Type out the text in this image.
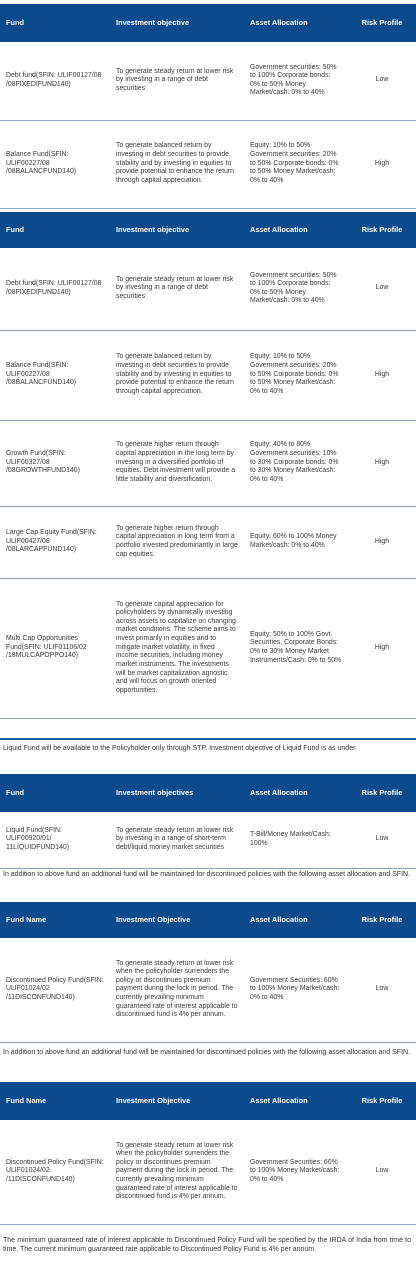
Fund	Investment objective	Asset Allocation	Risk Profile
Debt fund(SFIN: ULIF00127/08 /08FIXEDIFUND140)	To generate steady return at lower risk by investing in a range of debt securities.	Government securities: 50% to 100% Corporate bonds: 0% to 50% Money Market/cash: 0% to 40%	Low
Balance Fund(SFIN: ULIF00227/08 /08BALANCFUND140)	To generate balanced return by investing in debt securities to provide stability and by investing in equities to provide potential to enhance the return through capital appreciation.	Equity: 10% to 50% Government securities: 20% to 50% Corporate bonds: 0% to 50% Money Market/cash: 0% to 40%	High
Fund	Investment objective	Asset Allocation	Risk Profile
Debt fund(SFIN: ULIF00127/08 /08FIXEDIFUND140)	To generate steady return at lower risk by investing in a range of debt securities.	Government securities: 50% to 100% Corporate bonds: 0% to 50% Money Market/cash: 0% to 40%	Low
Balance Fund(SFIN: ULIF00227/08 /08BALANCFUND140)	To generate balanced return by investing in debt securities to provide stability and by investing in equities to provide potential to enhance the return through capital appreciation.	Equity: 10% to 50% Government securities: 20% to 50% Corporate bonds: 0% to 50% Money Market/cash: 0% to 40%	High
Growth Fund(SFIN: ULIF00327/08 /08GROWTHFUND140)	To generate higher return through capital appreciation in the long term by investing in a diversified portfolio of equities. Debt investment will provide a little stability and diversification.	Equity: 40% to 80% Government securities: 10% to 30% Corporate bonds: 0% to 30% Money Market/cash: 0% to 40%	High
Large Cap Equity Fund(SFIN: ULIF00427/08 /08LARCAPFUND140)	To generate higher return through capital appreciation in long term from a portfolio invested predominantly in large cap equities.	Equity: 60% to 100% Money Market/cash: 0% to 40%	High
Multi Cap Opportunities Fund(SFIN: ULIF01106/02 /18MULCAPOPPO140)	To generate capital appreciation for policyholders by dynamically investing across assets to capitalize on changing market conditions. The scheme aims to invest primarily in equities and to mitigate market volatility, in fixed income securities, including money market instruments. The investments will be market capitalization agnostic and will focus on growth oriented opportunities.	Equity: 50% to 100% Govt. Securities, Corporate Bonds: 0% to 30% Money Market Instruments/Cash: 0% to 50%	High
Liquid Fund will be available to the Policyholder only through STP. Investment objective of Liquid Fund is as under.
Fund	Investment objectives	Asset Allocation	Risk Profile
Liquid Fund(SFIN: ULIF00920/01/ 11LIQUIDFUND140)	To generate steady return at lower risk by investing in a range of short-term debt/liquid money market securities	T-Bill/Money Market/Cash: 100%	Low
In addition to above fund an additional fund will be maintained for discontinued policies with the following asset allocation and SFIN.
Fund Name	Investment Objective	Asset Allocation	Risk Profile
Discontinued Policy Fund(SFIN: ULIF01024/02 /11DISCONFUND140)	To generate steady return at lower risk when the policyholder surrenders the policy or discontinues premium payment during the lock in period. The currently prevailing minimum guaranteed rate of interest applicable to discontinued fund is 4% per annum.	Government Securities: 60% to 100% Money Market/cash: 0% to 40%	Low
In addition to above fund an additional fund will be maintained for discontinued policies with the following asset allocation and SFIN.
Fund Name	Investment Objective	Asset Allocation	Risk Profile
Discontinued Policy Fund(SFIN: ULIF01024/02 /11DISCONFUND140)	To generate steady return at lower risk when the policyholder surrenders the policy or discontinues premium payment during the lock in period. The currently prevailing minimum guaranteed rate of interest applicable to discontinued fund is 4% per annum.	Government Securities: 60% to 100% Money Market/cash: 0% to 40%	Low
The minimum guaranteed rate of interest applicable to Discontinued Policy Fund will be specified by the IRDA of India from time to time. The current minimum guaranteed rate applicable to Discontinued Policy Fund is 4% per annum.
